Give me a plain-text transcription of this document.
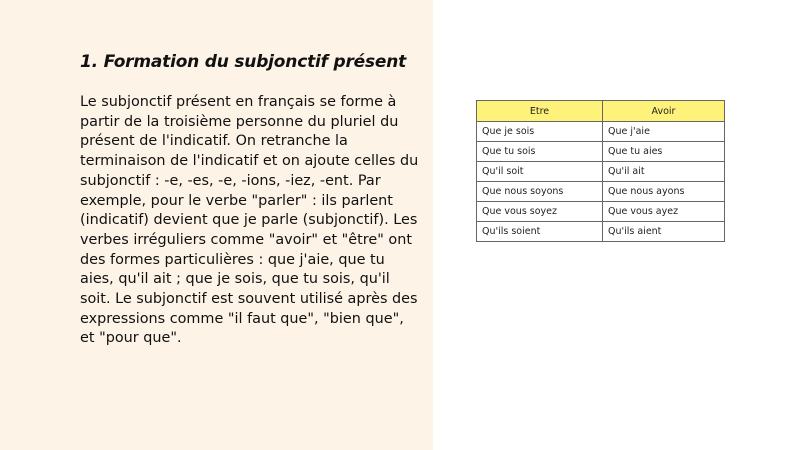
1. Formation du subjonctif présent

Le subjonctif présent en français se forme à partir de la troisième personne du pluriel du présent de l'indicatif. On retranche la terminaison de l'indicatif et on ajoute celles du subjonctif : -e, -es, -e, -ions, -iez, -ent. Par exemple, pour le verbe "parler" : ils parlent (indicatif) devient que je parle (subjonctif). Les verbes irréguliers comme "avoir" et "être" ont des formes particulières : que j'aie, que tu aies, qu'il ait ; que je sois, que tu sois, qu'il soit. Le subjonctif est souvent utilisé après des expressions comme "il faut que", "bien que", et "pour que".

Etre	Avoir
Que je sois	Que j'aie
Que tu sois	Que tu aies
Qu'il soit	Qu'il ait
Que nous soyons	Que nous ayons
Que vous soyez	Que vous ayez
Qu'ils soient	Qu'ils aient
